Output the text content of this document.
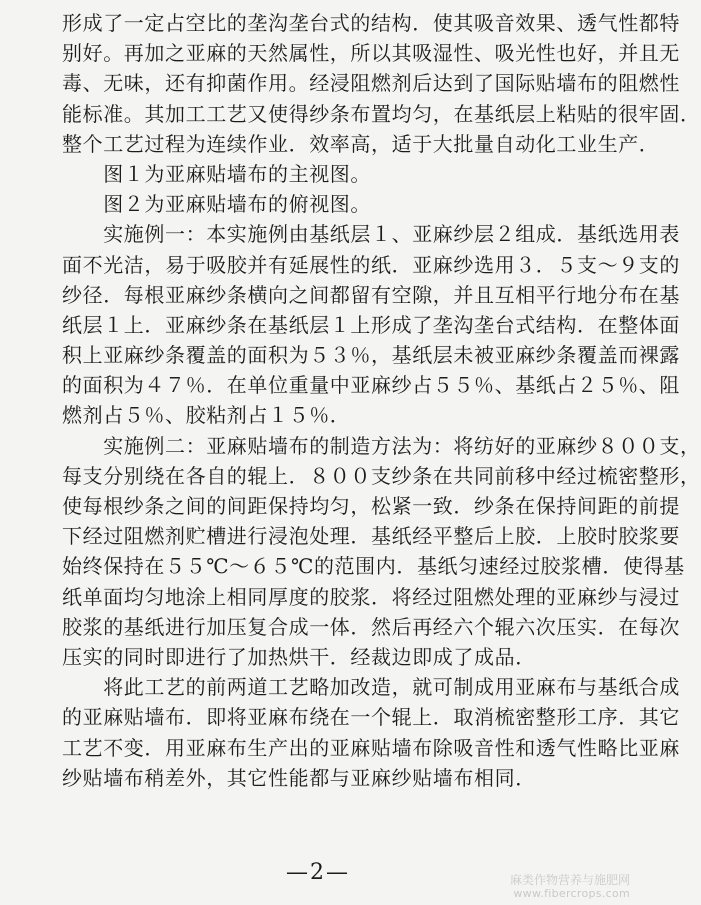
形成了一定占空比的垄沟垄台式的结构．使其吸音效果、透气性都特
别好。再加之亚麻的天然属性，所以其吸湿性、吸光性也好，并且无
毒、无味，还有抑菌作用。经浸阻燃剂后达到了国际贴墙布的阻燃性
能标准。其加工工艺又使得纱条布置均匀，在基纸层上粘贴的很牢固．
整个工艺过程为连续作业．效率高，适于大批量自动化工业生产．
　　图１为亚麻贴墙布的主视图。
　　图２为亚麻贴墙布的俯视图。
　　实施例一：本实施例由基纸层１、亚麻纱层２组成．基纸选用表
面不光洁，易于吸胶并有延展性的纸．亚麻纱选用３．５支～９支的
纱径．每根亚麻纱条横向之间都留有空隙，并且互相平行地分布在基
纸层１上．亚麻纱条在基纸层１上形成了垄沟垄台式结构．在整体面
积上亚麻纱条覆盖的面积为５３％，基纸层未被亚麻纱条覆盖而裸露
的面积为４７％．在单位重量中亚麻纱占５５％、基纸占２５％、阻
燃剂占５％、胶粘剂占１５％．
　　实施例二：亚麻贴墙布的制造方法为：将纺好的亚麻纱８００支，
每支分别绕在各自的辊上．８００支纱条在共同前移中经过梳密整形，
使每根纱条之间的间距保持均匀，松紧一致．纱条在保持间距的前提
下经过阻燃剂贮槽进行浸泡处理．基纸经平整后上胶．上胶时胶浆要
始终保持在５５℃～６５℃的范围内．基纸匀速经过胶浆槽．使得基
纸单面均匀地涂上相同厚度的胶浆．将经过阻燃处理的亚麻纱与浸过
胶浆的基纸进行加压复合成一体．然后再经六个辊六次压实．在每次
压实的同时即进行了加热烘干．经裁边即成了成品．
　　将此工艺的前两道工艺略加改造，就可制成用亚麻布与基纸合成
的亚麻贴墙布．即将亚麻布绕在一个辊上．取消梳密整形工序．其它
工艺不变．用亚麻布生产出的亚麻贴墙布除吸音性和透气性略比亚麻
纱贴墙布稍差外，其它性能都与亚麻纱贴墙布相同．
—2—	麻类作物营养与施肥网
www.fibercrops.com
